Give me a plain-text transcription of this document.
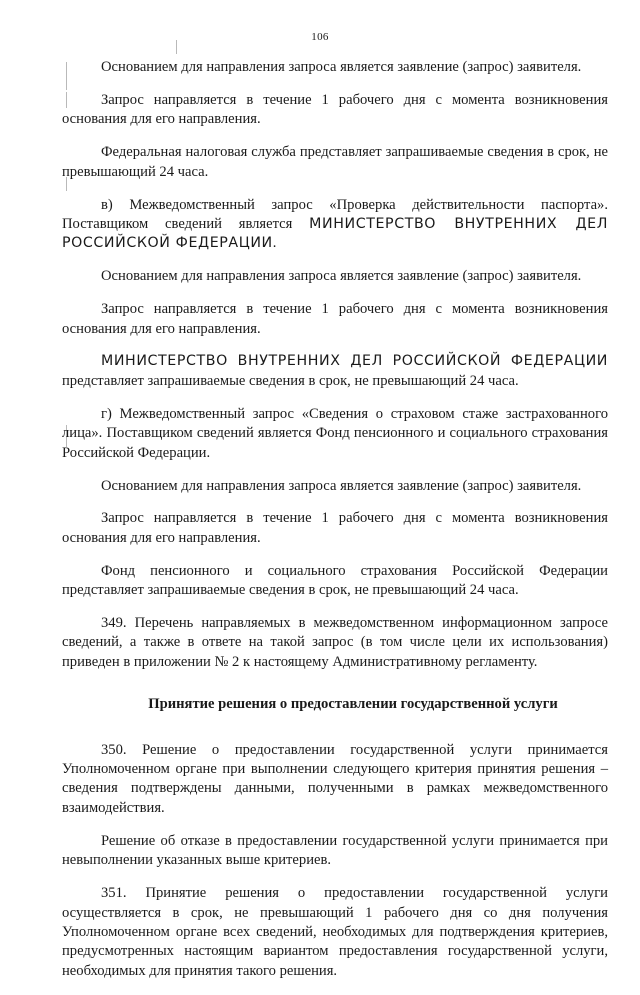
106

Основанием для направления запроса является заявление (запрос) заявителя.

Запрос направляется в течение 1 рабочего дня с момента возникновения основания для его направления.

Федеральная налоговая служба представляет запрашиваемые сведения в срок, не превышающий 24 часа.

в) Межведомственный запрос «Проверка действительности паспорта». Поставщиком сведений является МИНИСТЕРСТВО ВНУТРЕННИХ ДЕЛ РОССИЙСКОЙ ФЕДЕРАЦИИ.

Основанием для направления запроса является заявление (запрос) заявителя.

Запрос направляется в течение 1 рабочего дня с момента возникновения основания для его направления.

МИНИСТЕРСТВО ВНУТРЕННИХ ДЕЛ РОССИЙСКОЙ ФЕДЕРАЦИИ представляет запрашиваемые сведения в срок, не превышающий 24 часа.

г) Межведомственный запрос «Сведения о страховом стаже застрахованного лица». Поставщиком сведений является Фонд пенсионного и социального страхования Российской Федерации.

Основанием для направления запроса является заявление (запрос) заявителя.

Запрос направляется в течение 1 рабочего дня с момента возникновения основания для его направления.

Фонд пенсионного и социального страхования Российской Федерации представляет запрашиваемые сведения в срок, не превышающий 24 часа.

349. Перечень направляемых в межведомственном информационном запросе сведений, а также в ответе на такой запрос (в том числе цели их использования) приведен в приложении № 2 к настоящему Административному регламенту.

Принятие решения о предоставлении государственной услуги

350. Решение о предоставлении государственной услуги принимается Уполномоченном органе при выполнении следующего критерия принятия решения – сведения подтверждены данными, полученными в рамках межведомственного взаимодействия.

Решение об отказе в предоставлении государственной услуги принимается при невыполнении указанных выше критериев.

351. Принятие решения о предоставлении государственной услуги осуществляется в срок, не превышающий 1 рабочего дня со дня получения Уполномоченном органе всех сведений, необходимых для подтверждения критериев, предусмотренных настоящим вариантом предоставления государственной услуги, необходимых для принятия такого решения.
